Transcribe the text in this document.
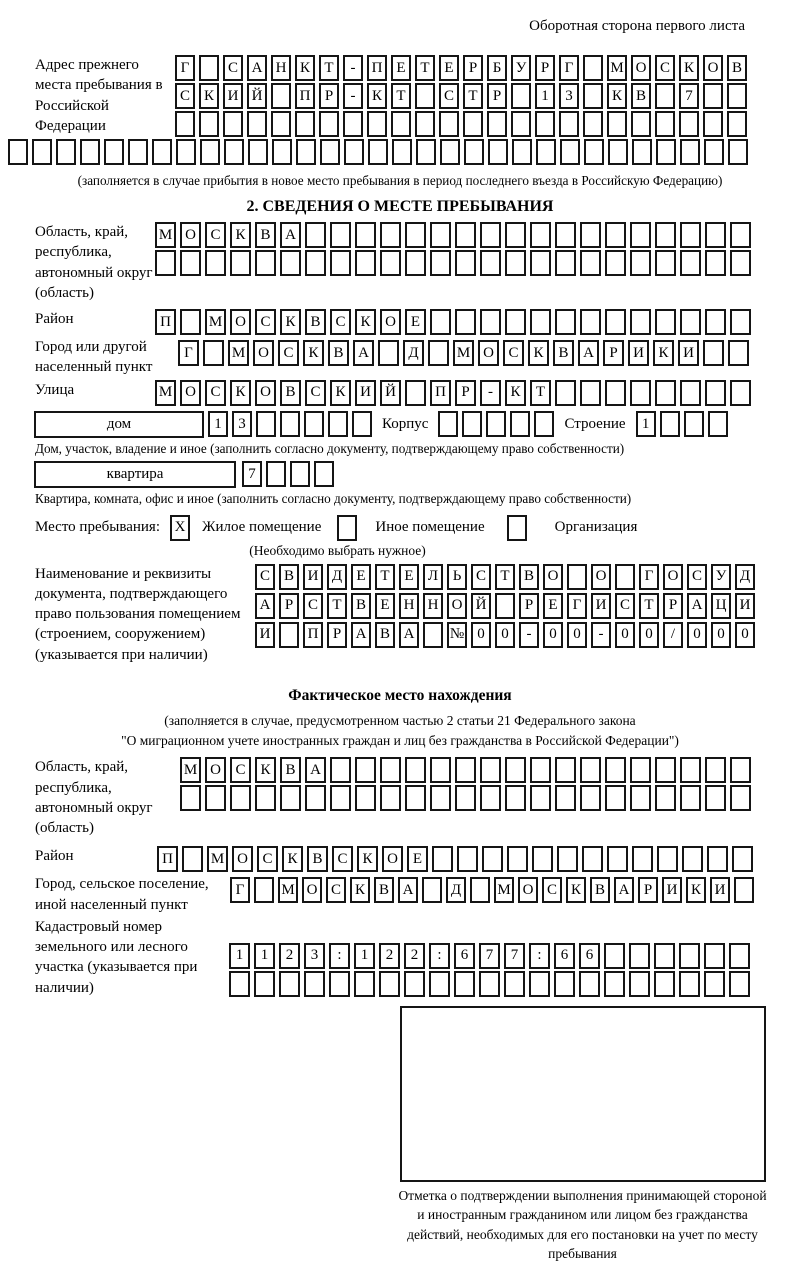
Оборотная сторона первого листа
Адрес прежнего места пребывания в Российской Федерации
Г	С А Н К Т	-	П Е Т Е	Р	Б У Р	Г	М О С К О В
С К И Й	П Р	-	К Т	С Т	Р	1	3	К В	7
(заполняется в случае прибытия в новое место пребывания в период последнего въезда в Российскую Федерацию)
2. СВЕДЕНИЯ О МЕСТЕ ПРЕБЫВАНИЯ
Область, край, республика, автономный округ (область)
М О С К В А
Район	П	М О С К В С К О Е
Город или другой населенный пункт
Г	М О С К В А	Д	М О С К В А	Р	И К И
Улица	М О С К О В С К И Й	П	Р	-	К	Т
дом	1	3	Корпус	Строение	1
Дом, участок, владение и иное (заполнить согласно документу, подтверждающему право собственности)
квартира	7
Квартира, комната, офис и иное (заполнить согласно документу, подтверждающему право собственности)
Место пребывания: X	Жилое помещение	Иное помещение	Организация
(Необходимо выбрать нужное)
Наименование и реквизиты документа, подтверждающего право пользования помещением (строением, сооружением) (указывается при наличии)
С В И Д Е Т Е Л Ь С Т В О	О	Г О С У Д
А Р С Т В Е Н Н О Й	Р	Е	Г И С Т	Р А Ц И
И	П Р А В А	№ 0	0	-	0	0	-	0	0	/	0	0	0
Фактическое место нахождения
(заполняется в случае, предусмотренном частью 2 статьи 21 Федерального закона
"О миграционном учете иностранных граждан и лиц без гражданства в Российской Федерации")
Область, край, республика, автономный округ (область)
М О С К В А
Район	П	М О С К В С К О Е
Город, сельское поселение, иной населенный пункт
Г	М О С К В А	Д	М О С К В А Р И К И
Кадастровый номер земельного или лесного участка (указывается при наличии)
1	1	2	3	:	1	2	2	:	6	7	7	:	6	6
Отметка о подтверждении выполнения принимающей стороной и иностранным гражданином или лицом без гражданства действий, необходимых для его постановки на учет по месту пребывания
